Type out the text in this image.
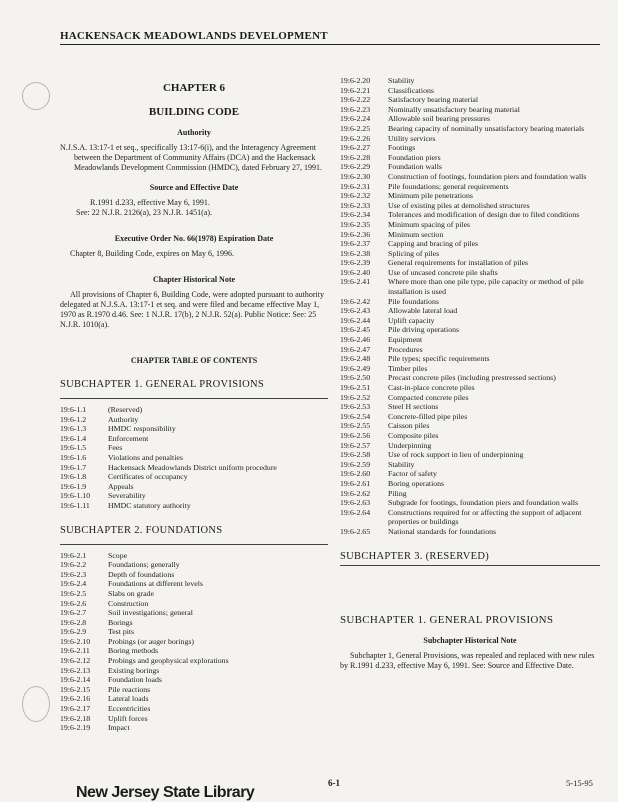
HACKENSACK MEADOWLANDS DEVELOPMENT
CHAPTER 6
BUILDING CODE
Authority

N.J.S.A. 13:17-1 et seq., specifically 13:17-6(i), and the Interagency Agreement between the Department of Community Affairs (DCA) and the Hackensack Meadowlands Development Commission (HMDC), dated February 27, 1991.

Source and Effective Date

R.1991 d.233, effective May 6, 1991.

See: 22 N.J.R. 2126(a), 23 N.J.R. 1451(a).

Executive Order No. 66(1978) Expiration Date

Chapter 8, Building Code, expires on May 6, 1996.

Chapter Historical Note

All provisions of Chapter 6, Building Code, were adopted pursuant to authority delegated at N.J.S.A. 13:17-1 et seq. and were filed and became effective May 1, 1970 as R.1970 d.46. See: 1 N.J.R. 17(b), 2 N.J.R. 52(a). Public Notice: See: 25 N.J.R. 1010(a).

CHAPTER TABLE OF CONTENTS
SUBCHAPTER 1. GENERAL PROVISIONS
19:6-1.1	(Reserved)
19:6-1.2	Authority
19:6-1.3	HMDC responsibility
19:6-1.4	Enforcement
19:6-1.5	Fees
19:6-1.6	Violations and penalties
19:6-1.7	Hackensack Meadowlands District uniform procedure
19:6-1.8	Certificates of occupancy
19:6-1.9	Appeals
19:6-1.10	Severability
19:6-1.11	HMDC statutory authority
SUBCHAPTER 2. FOUNDATIONS
19:6-2.1	Scope
19:6-2.2	Foundations; generally
19:6-2.3	Depth of foundations
19:6-2.4	Foundations at different levels
19:6-2.5	Slabs on grade
19:6-2.6	Construction
19:6-2.7	Soil investigations; general
19:6-2.8	Borings
19:6-2.9	Test pits
19:6-2.10	Probings (or auger borings)
19:6-2.11	Boring methods
19:6-2.12	Probings and geophysical explorations
19:6-2.13	Existing borings
19:6-2.14	Foundation loads
19:6-2.15	Pile reactions
19:6-2.16	Lateral loads
19:6-2.17	Eccentricities
19:6-2.18	Uplift forces
19:6-2.19	Impact
19:6-2.20	Stability
19:6-2.21	Classifications
19:6-2.22	Satisfactory bearing material
19:6-2.23	Nominally unsatisfactory bearing material
19:6-2.24	Allowable soil bearing pressures
19:6-2.25	Bearing capacity of nominally unsatisfactory bearing materials
19:6-2.26	Utility services
19:6-2.27	Footings
19:6-2.28	Foundation piers
19:6-2.29	Foundation walls
19:6-2.30	Construction of footings, foundation piers and foundation walls
19:6-2.31	Pile foundations; general requirements
19:6-2.32	Minimum pile penetrations
19:6-2.33	Use of existing piles at demolished structures
19:6-2.34	Tolerances and modification of design due to filed conditions
19:6-2.35	Minimum spacing of piles
19:6-2.36	Minimum section
19:6-2.37	Capping and bracing of piles
19:6-2.38	Splicing of piles
19:6-2.39	General requirements for installation of piles
19:6-2.40	Use of uncased concrete pile shafts
19:6-2.41	Where more than one pile type, pile capacity or method of pile installation is used
19:6-2.42	Pile foundations
19:6-2.43	Allowable lateral load
19:6-2.44	Uplift capacity
19:6-2.45	Pile driving operations
19:6-2.46	Equipment
19:6-2.47	Procedures
19:6-2.48	Pile types; specific requirements
19:6-2.49	Timber piles
19:6-2.50	Precast concrete piles (including prestressed sections)
19:6-2.51	Cast-in-place concrete piles
19:6-2.52	Compacted concrete piles
19:6-2.53	Steel H sections
19:6-2.54	Concrete-filled pipe piles
19:6-2.55	Caisson piles
19:6-2.56	Composite piles
19:6-2.57	Underpinning
19:6-2.58	Use of rock support in lieu of underpinning
19:6-2.59	Stability
19:6-2.60	Factor of safety
19:6-2.61	Boring operations
19:6-2.62	Piling
19:6-2.63	Subgrade for footings, foundation piers and foundation walls
19:6-2.64	Constructions required for or affecting the support of adjacent properties or buildings
19:6-2.65	National standards for foundations
SUBCHAPTER 3. (RESERVED)
SUBCHAPTER 1. GENERAL PROVISIONS
Subchapter Historical Note

Subchapter 1, General Provisions, was repealed and replaced with new rules by R.1991 d.233, effective May 6, 1991. See: Source and Effective Date.

6-1	5-15-95
New Jersey State Library
